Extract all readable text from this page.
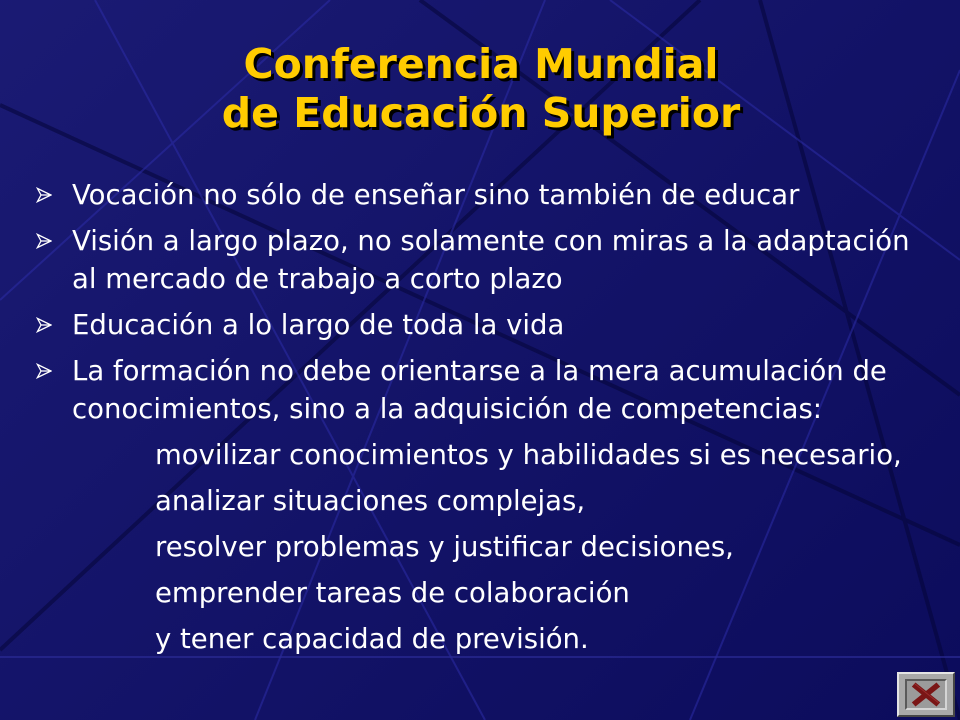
Conferencia Mundial
de Educación Superior
Vocación no sólo de enseñar sino también de educar
Visión a largo plazo, no solamente con miras a la adaptación
al mercado de trabajo a corto plazo
Educación a lo largo de toda la vida
La formación no debe orientarse a la mera acumulación de
conocimientos, sino a la adquisición de competencias:
movilizar conocimientos y habilidades si es necesario,
analizar situaciones complejas,
resolver problemas y justificar decisiones,
emprender tareas de colaboración
y tener capacidad de previsión.
